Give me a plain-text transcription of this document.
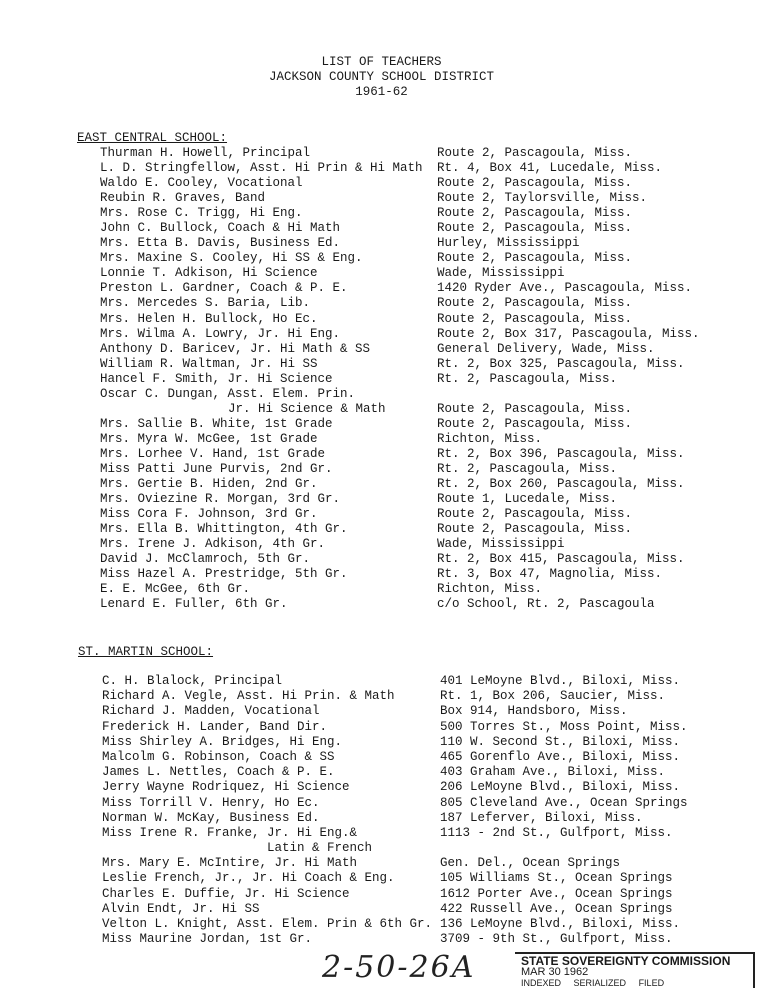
LIST OF TEACHERS
JACKSON COUNTY SCHOOL DISTRICT
1961-62
EAST CENTRAL SCHOOL:
Thurman H. Howell, Principal	Route 2, Pascagoula, Miss.
L. D. Stringfellow, Asst. Hi Prin & Hi Math Rt. 4, Box 41, Lucedale, Miss.
Waldo E. Cooley, Vocational	Route 2, Pascagoula, Miss.
Reubin R. Graves, Band	Route 2, Taylorsville, Miss.
Mrs. Rose C. Trigg, Hi Eng.	Route 2, Pascagoula, Miss.
John C. Bullock, Coach & Hi Math	Route 2, Pascagoula, Miss.
Mrs. Etta B. Davis, Business Ed.	Hurley, Mississippi
Mrs. Maxine S. Cooley, Hi SS & Eng.	Route 2, Pascagoula, Miss.
Lonnie T. Adkison, Hi Science	Wade, Mississippi
Preston L. Gardner, Coach & P. E.	1420 Ryder Ave., Pascagoula, Miss.
Mrs. Mercedes S. Baria, Lib.	Route 2, Pascagoula, Miss.
Mrs. Helen H. Bullock, Ho Ec.	Route 2, Pascagoula, Miss.
Mrs. Wilma A. Lowry, Jr. Hi Eng.	Route 2, Box 317, Pascagoula, Miss.
Anthony D. Baricev, Jr. Hi Math & SS	General Delivery, Wade, Miss.
William R. Waltman, Jr. Hi SS	Rt. 2, Box 325, Pascagoula, Miss.
Hancel F. Smith, Jr. Hi Science	Rt. 2, Pascagoula, Miss.
Oscar C. Dungan, Asst. Elem. Prin.
Jr. Hi Science & Math	Route 2, Pascagoula, Miss.
Mrs. Sallie B. White, 1st Grade	Route 2, Pascagoula, Miss.
Mrs. Myra W. McGee, 1st Grade	Richton, Miss.
Mrs. Lorhee V. Hand, 1st Grade	Rt. 2, Box 396, Pascagoula, Miss.
Miss Patti June Purvis, 2nd Gr.	Rt. 2, Pascagoula, Miss.
Mrs. Gertie B. Hiden, 2nd Gr.	Rt. 2, Box 260, Pascagoula, Miss.
Mrs. Oviezine R. Morgan, 3rd Gr.	Route 1, Lucedale, Miss.
Miss Cora F. Johnson, 3rd Gr.	Route 2, Pascagoula, Miss.
Mrs. Ella B. Whittington, 4th Gr.	Route 2, Pascagoula, Miss.
Mrs. Irene J. Adkison, 4th Gr.	Wade, Mississippi
David J. McClamroch, 5th Gr.	Rt. 2, Box 415, Pascagoula, Miss.
Miss Hazel A. Prestridge, 5th Gr.	Rt. 3, Box 47, Magnolia, Miss.
E. E. McGee, 6th Gr.	Richton, Miss.
Lenard E. Fuller, 6th Gr.	c/o School, Rt. 2, Pascagoula
ST. MARTIN SCHOOL:
C. H. Blalock, Principal	401 LeMoyne Blvd., Biloxi, Miss.
Richard A. Vegle, Asst. Hi Prin. & Math	Rt. 1, Box 206, Saucier, Miss.
Richard J. Madden, Vocational	Box 914, Handsboro, Miss.
Frederick H. Lander, Band Dir.	500 Torres St., Moss Point, Miss.
Miss Shirley A. Bridges, Hi Eng.	110 W. Second St., Biloxi, Miss.
Malcolm G. Robinson, Coach & SS	465 Gorenflo Ave., Biloxi, Miss.
James L. Nettles, Coach & P. E.	403 Graham Ave., Biloxi, Miss.
Jerry Wayne Rodriquez, Hi Science	206 LeMoyne Blvd., Biloxi, Miss.
Miss Torrill V. Henry, Ho Ec.	805 Cleveland Ave., Ocean Springs
Norman W. McKay, Business Ed.	187 Leferver, Biloxi, Miss.
Miss Irene R. Franke, Jr. Hi Eng.&	1113 - 2nd St., Gulfport, Miss.
Latin & French
Mrs. Mary E. McIntire, Jr. Hi Math	Gen. Del., Ocean Springs
Leslie French, Jr., Jr. Hi Coach & Eng.	105 Williams St., Ocean Springs
Charles E. Duffie, Jr. Hi Science	1612 Porter Ave., Ocean Springs
Alvin Endt, Jr. Hi SS	422 Russell Ave., Ocean Springs
Velton L. Knight, Asst. Elem. Prin & 6th Gr. 136 LeMoyne Blvd., Biloxi, Miss.
Miss Maurine Jordan, 1st Gr.	3709 - 9th St., Gulfport, Miss.
2-50-26A	STATE SOVEREIGNTY COMMISSION
MAR 30 1962
INDEXED SERIALIZED FILED
